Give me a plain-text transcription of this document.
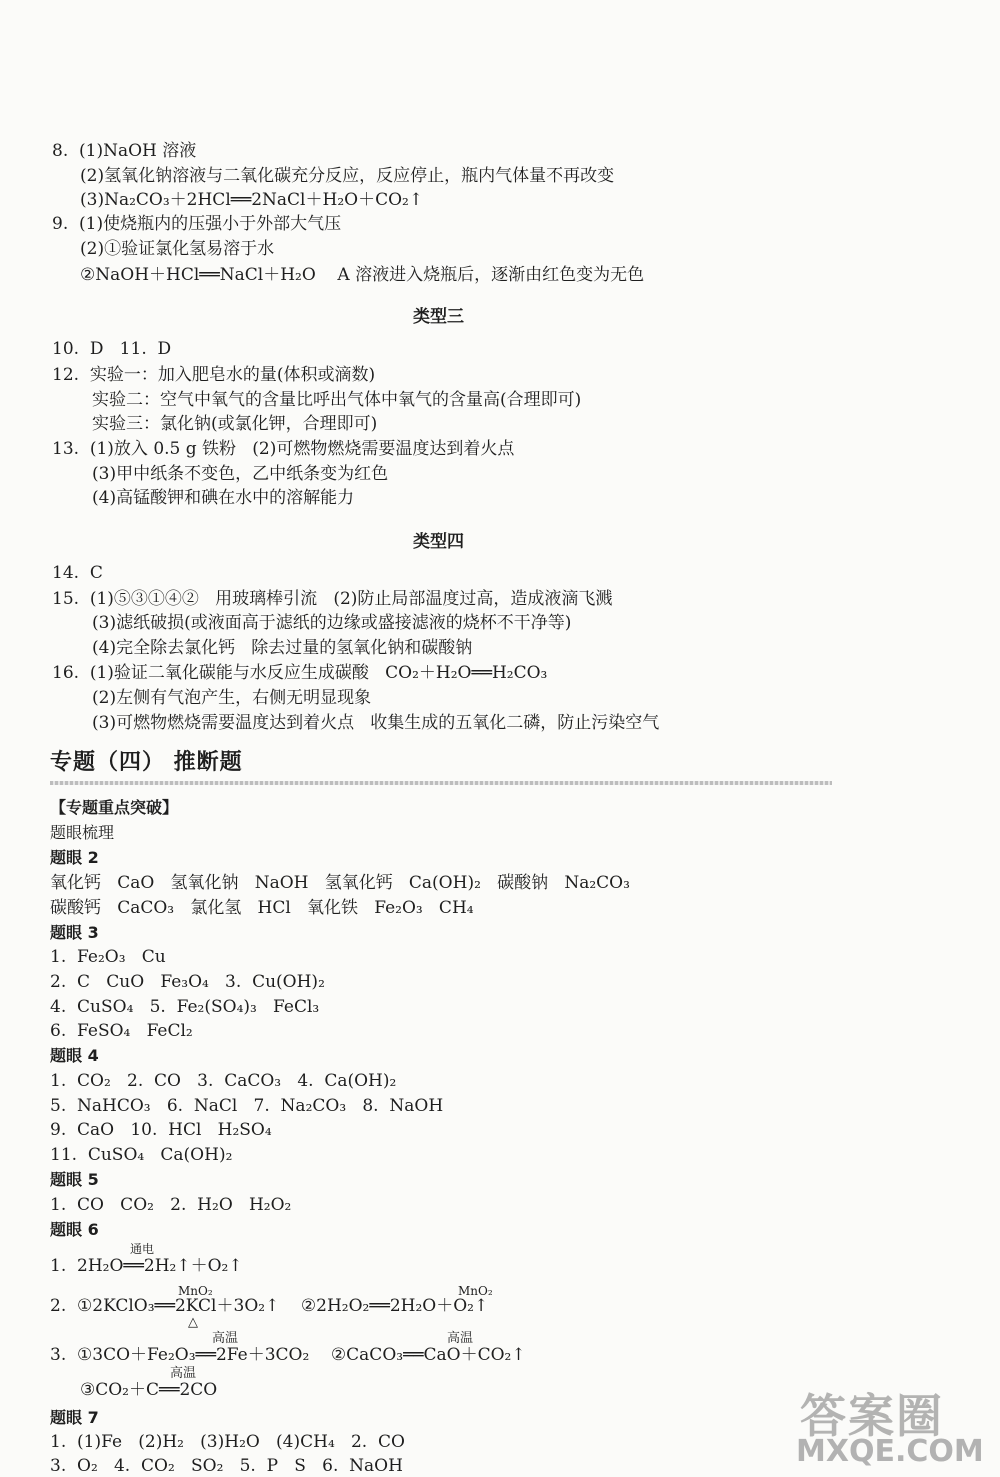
8.  (1)NaOH 溶液
(2)氢氧化钠溶液与二氧化碳充分反应，反应停止，瓶内气体量不再改变
(3)Na₂CO₃＋2HCl══2NaCl＋H₂O＋CO₂↑
9.  (1)使烧瓶内的压强小于外部大气压
(2)①验证氯化氢易溶于水
②NaOH＋HCl══NaCl＋H₂O    A 溶液进入烧瓶后，逐渐由红色变为无色
类型三
10.  D   11.  D
12.  实验一：加入肥皂水的量(体积或滴数)
实验二：空气中氧气的含量比呼出气体中氧气的含量高(合理即可)
实验三：氯化钠(或氯化钾，合理即可)
13.  (1)放入 0.5 g 铁粉   (2)可燃物燃烧需要温度达到着火点
(3)甲中纸条不变色，乙中纸条变为红色
(4)高锰酸钾和碘在水中的溶解能力
类型四
14.  C
15.  (1)⑤③①④②   用玻璃棒引流   (2)防止局部温度过高，造成液滴飞溅
(3)滤纸破损(或液面高于滤纸的边缘或盛接滤液的烧杯不干净等)
(4)完全除去氯化钙   除去过量的氢氧化钠和碳酸钠
16.  (1)验证二氧化碳能与水反应生成碳酸   CO₂＋H₂O══H₂CO₃
(2)左侧有气泡产生，右侧无明显现象
(3)可燃物燃烧需要温度达到着火点   收集生成的五氧化二磷，防止污染空气
专题（四） 推断题
【专题重点突破】
题眼梳理
题眼 2
氧化钙   CaO   氢氧化钠   NaOH   氢氧化钙   Ca(OH)₂   碳酸钠   Na₂CO₃
碳酸钙   CaCO₃   氯化氢   HCl   氧化铁   Fe₂O₃   CH₄
题眼 3
1.  Fe₂O₃   Cu
2.  C   CuO   Fe₃O₄   3.  Cu(OH)₂
4.  CuSO₄   5.  Fe₂(SO₄)₃   FeCl₃
6.  FeSO₄   FeCl₂
题眼 4
1.  CO₂   2.  CO   3.  CaCO₃   4.  Ca(OH)₂
5.  NaHCO₃   6.  NaCl   7.  Na₂CO₃   8.  NaOH
9.  CaO   10.  HCl   H₂SO₄
11.  CuSO₄   Ca(OH)₂
题眼 5
1.  CO   CO₂   2.  H₂O   H₂O₂
题眼 6
1.  2H₂O══2H₂↑＋O₂↑
通电
2.  ①2KClO₃══2KCl＋3O₂↑    ②2H₂O₂══2H₂O＋O₂↑
MnO₂
△
MnO₂
3.  ①3CO＋Fe₂O₃══2Fe＋3CO₂    ②CaCO₃══CaO＋CO₂↑
高温	高温
③CO₂＋C══2CO
高温
题眼 7
1.  (1)Fe   (2)H₂   (3)H₂O   (4)CH₄   2.  CO
3.  O₂   4.  CO₂   SO₂   5.  P   S   6.  NaOH
答案圈
MXQE.COM
